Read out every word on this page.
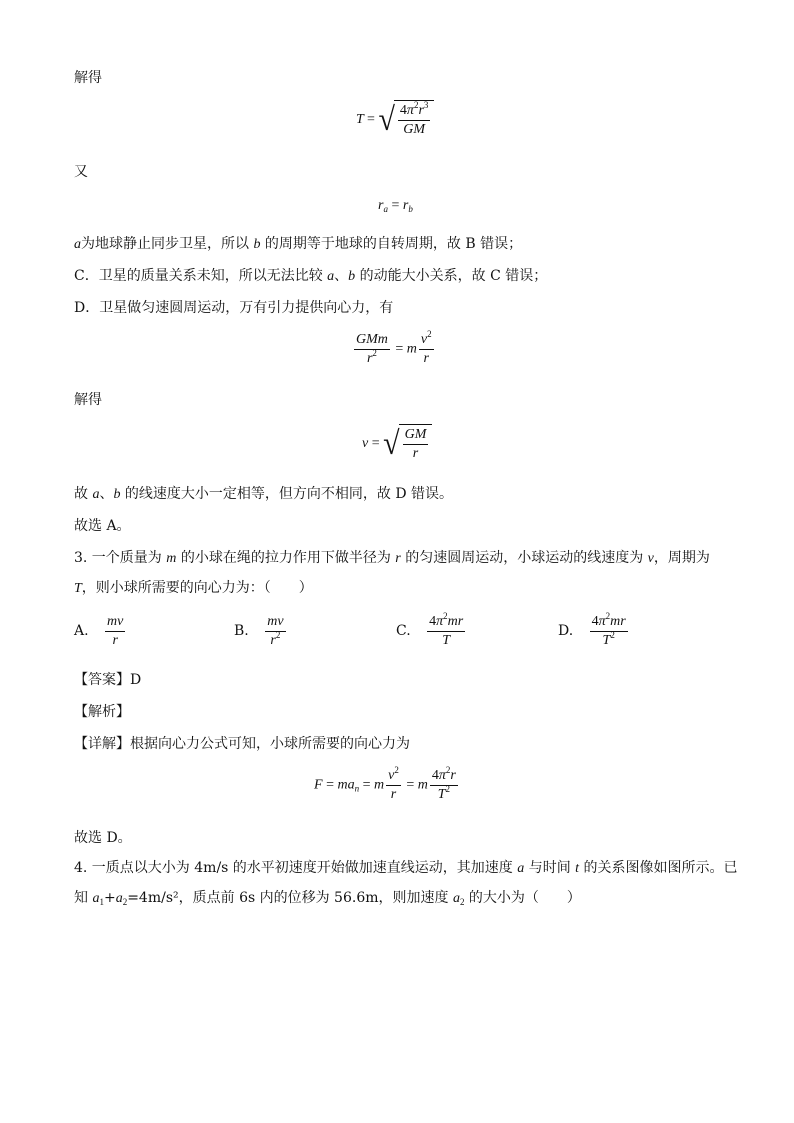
解得
T = √ $\frac{4\pi^2r^3}{GM}$
又
$r_a = r_b$
a为地球静止同步卫星，所以 b 的周期等于地球的自转周期，故 B 错误；
C．卫星的质量关系未知，所以无法比较 a、b 的动能大小关系，故 C 错误；
D．卫星做匀速圆周运动，万有引力提供向心力，有
$\frac{\text{GMm}}{r^2} = m \frac{v^2}{r}$
解得
v = √ $\frac{GM}{r}$
故 a、b 的线速度大小一定相等，但方向不相同，故 D 错误。
故选 A。
3. 一个质量为 m 的小球在绳的拉力作用下做半径为 r 的匀速圆周运动，小球运动的线速度为 v，周期为
T，则小球所需要的向心力为：（　　）
A. $\frac{mv}{r}$	B. $\frac{mv}{r^2}$	C. $\frac{4\pi^2mr}{T}$	D. $\frac{4\pi^2mr}{T^2}$
【答案】D
【解析】
【详解】根据向心力公式可知，小球所需要的向心力为
$F = ma_n = m \frac{v^2}{r} = m \frac{4\pi^2r}{T^2}$
故选 D。
4. 一质点以大小为 4m/s 的水平初速度开始做加速直线运动，其加速度 a 与时间 t 的关系图像如图所示。已
知 $a_1+a_2=4m/s^2$，质点前 6s 内的位移为 56.6m，则加速度 $a_2$ 的大小为（　　）
